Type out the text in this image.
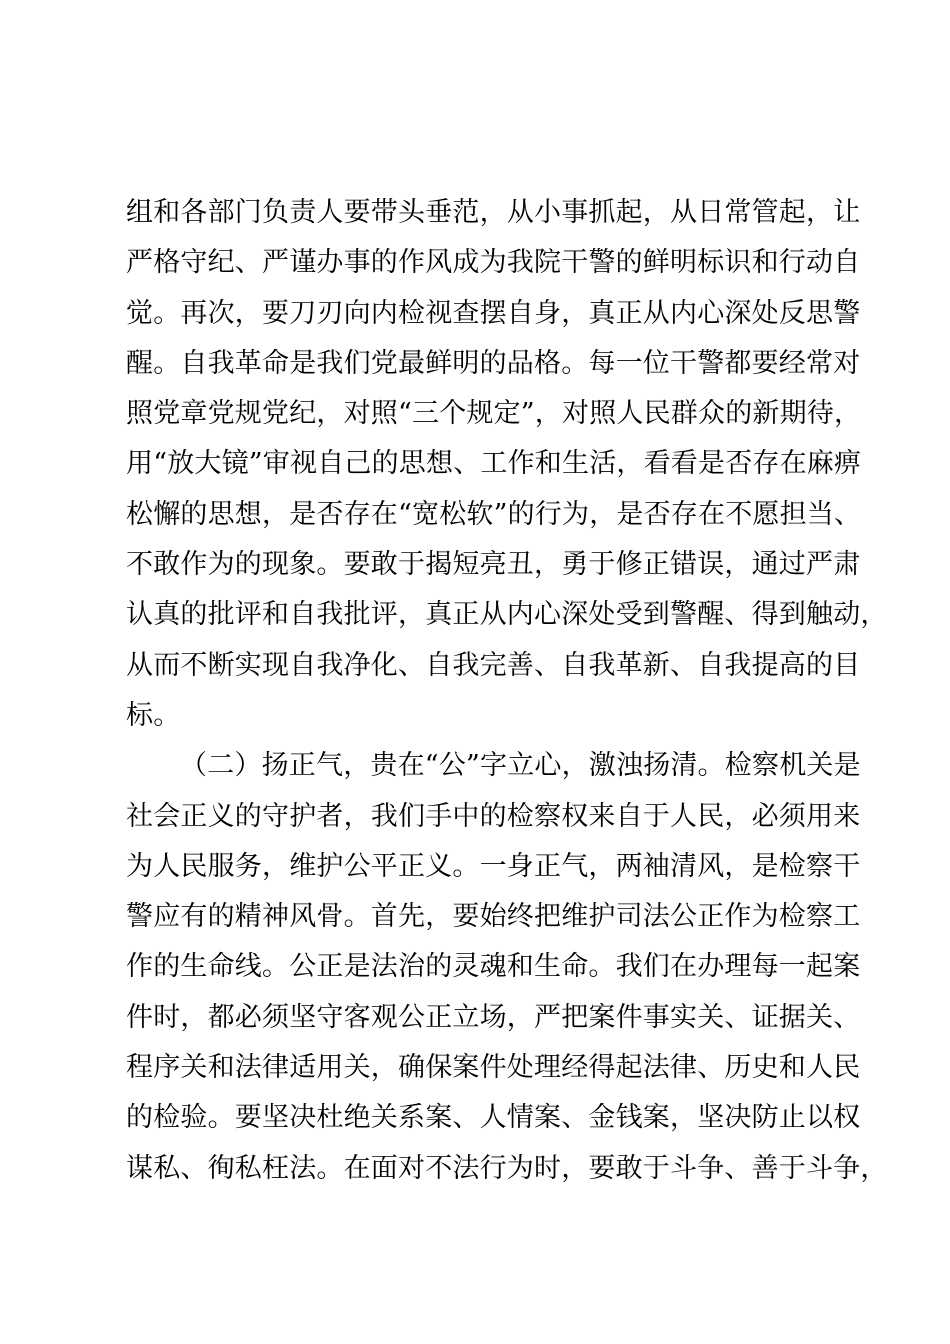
组和各部门负责人要带头垂范，从小事抓起，从日常管起，让
严格守纪、严谨办事的作风成为我院干警的鲜明标识和行动自
觉。再次，要刀刃向内检视查摆自身，真正从内心深处反思警
醒。自我革命是我们党最鲜明的品格。每一位干警都要经常对
照党章党规党纪，对照“三个规定”，对照人民群众的新期待，
用“放大镜”审视自己的思想、工作和生活，看看是否存在麻痹
松懈的思想，是否存在“宽松软”的行为，是否存在不愿担当、
不敢作为的现象。要敢于揭短亮丑，勇于修正错误，通过严肃
认真的批评和自我批评，真正从内心深处受到警醒、得到触动，
从而不断实现自我净化、自我完善、自我革新、自我提高的目
标。
（二）扬正气，贵在“公”字立心，激浊扬清。检察机关是
社会正义的守护者，我们手中的检察权来自于人民，必须用来
为人民服务，维护公平正义。一身正气，两袖清风，是检察干
警应有的精神风骨。首先，要始终把维护司法公正作为检察工
作的生命线。公正是法治的灵魂和生命。我们在办理每一起案
件时，都必须坚守客观公正立场，严把案件事实关、证据关、
程序关和法律适用关，确保案件处理经得起法律、历史和人民
的检验。要坚决杜绝关系案、人情案、金钱案，坚决防止以权
谋私、徇私枉法。在面对不法行为时，要敢于斗争、善于斗争，
